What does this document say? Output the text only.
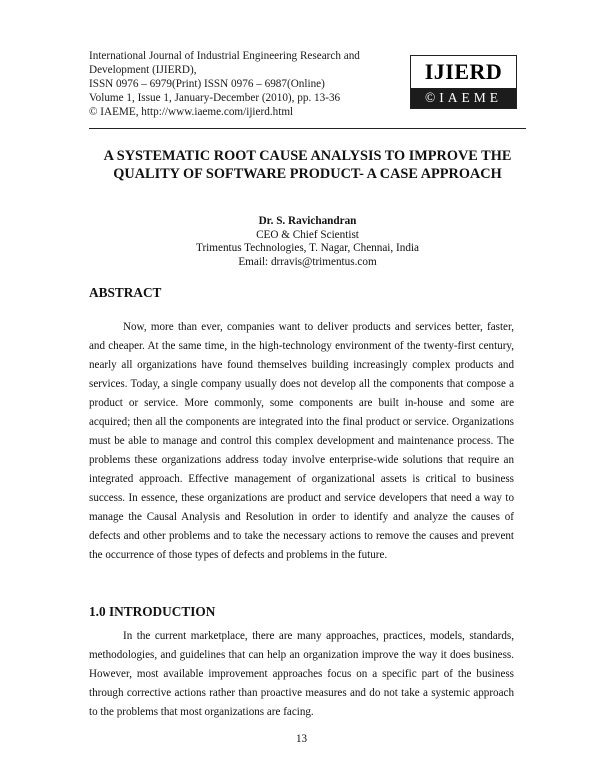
International Journal of Industrial Engineering Research and
Development (IJIERD),
ISSN 0976 – 6979(Print) ISSN 0976 – 6987(Online)
Volume 1, Issue 1, January-December (2010), pp. 13-36
© IAEME, http://www.iaeme.com/ijierd.html
IJIERD
©IAEME
A SYSTEMATIC ROOT CAUSE ANALYSIS TO IMPROVE THE QUALITY OF SOFTWARE PRODUCT- A CASE APPROACH
Dr. S. Ravichandran
CEO & Chief Scientist
Trimentus Technologies, T. Nagar, Chennai, India
Email: drravis@trimentus.com
ABSTRACT

Now, more than ever, companies want to deliver products and services better, faster, and cheaper. At the same time, in the high-technology environment of the twenty-first century, nearly all organizations have found themselves building increasingly complex products and services. Today, a single company usually does not develop all the components that compose a product or service. More commonly, some components are built in-house and some are acquired; then all the components are integrated into the final product or service. Organizations must be able to manage and control this complex development and maintenance process. The problems these organizations address today involve enterprise-wide solutions that require an integrated approach. Effective management of organizational assets is critical to business success. In essence, these organizations are product and service developers that need a way to manage the Causal Analysis and Resolution in order to identify and analyze the causes of defects and other problems and to take the necessary actions to remove the causes and prevent the occurrence of those types of defects and problems in the future.

1.0 INTRODUCTION

In the current marketplace, there are many approaches, practices, models, standards, methodologies, and guidelines that can help an organization improve the way it does business. However, most available improvement approaches focus on a specific part of the business through corrective actions rather than proactive measures and do not take a systemic approach to the problems that most organizations are facing.

13
